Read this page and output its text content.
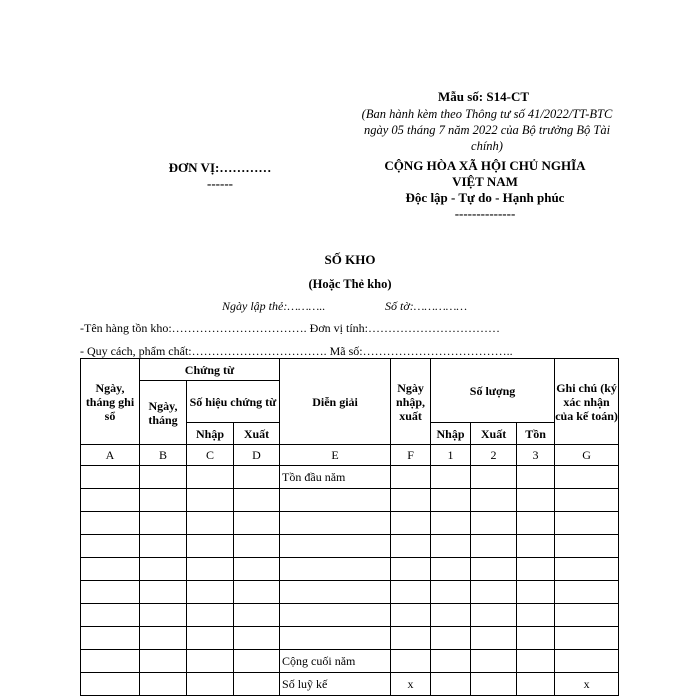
Mẫu số: S14-CT
(Ban hành kèm theo Thông tư số 41/2022/TT-BTC ngày 05 tháng 7 năm 2022 của Bộ trưởng Bộ Tài chính)
ĐƠN VỊ:…………
------
CỘNG HÒA XÃ HỘI CHỦ NGHĨA
VIỆT NAM
Độc lập - Tự do - Hạnh phúc
--------------
SỐ KHO
(Hoặc Thẻ kho)
Ngày lập thẻ:………..	Số tờ:……………
-Tên hàng tồn kho:……………………………. Đơn vị tính:……………………………
- Quy cách, phẩm chất:……………………………. Mã số:………………………………..
Ngày, tháng ghi sổ	Chứng từ			Diễn giải	Ngày nhập, xuất	Số lượng			Ghi chú (ký xác nhận của kế toán)
	Ngày, tháng	Số hiệu chứng từ							
		Nhập	Xuất			Nhập	Xuất	Tồn	
A	B	C	D	E	F	1	2	3	G
				Tồn đầu năm					

				Cộng cuối năm					
				Số luỹ kế	x				x
